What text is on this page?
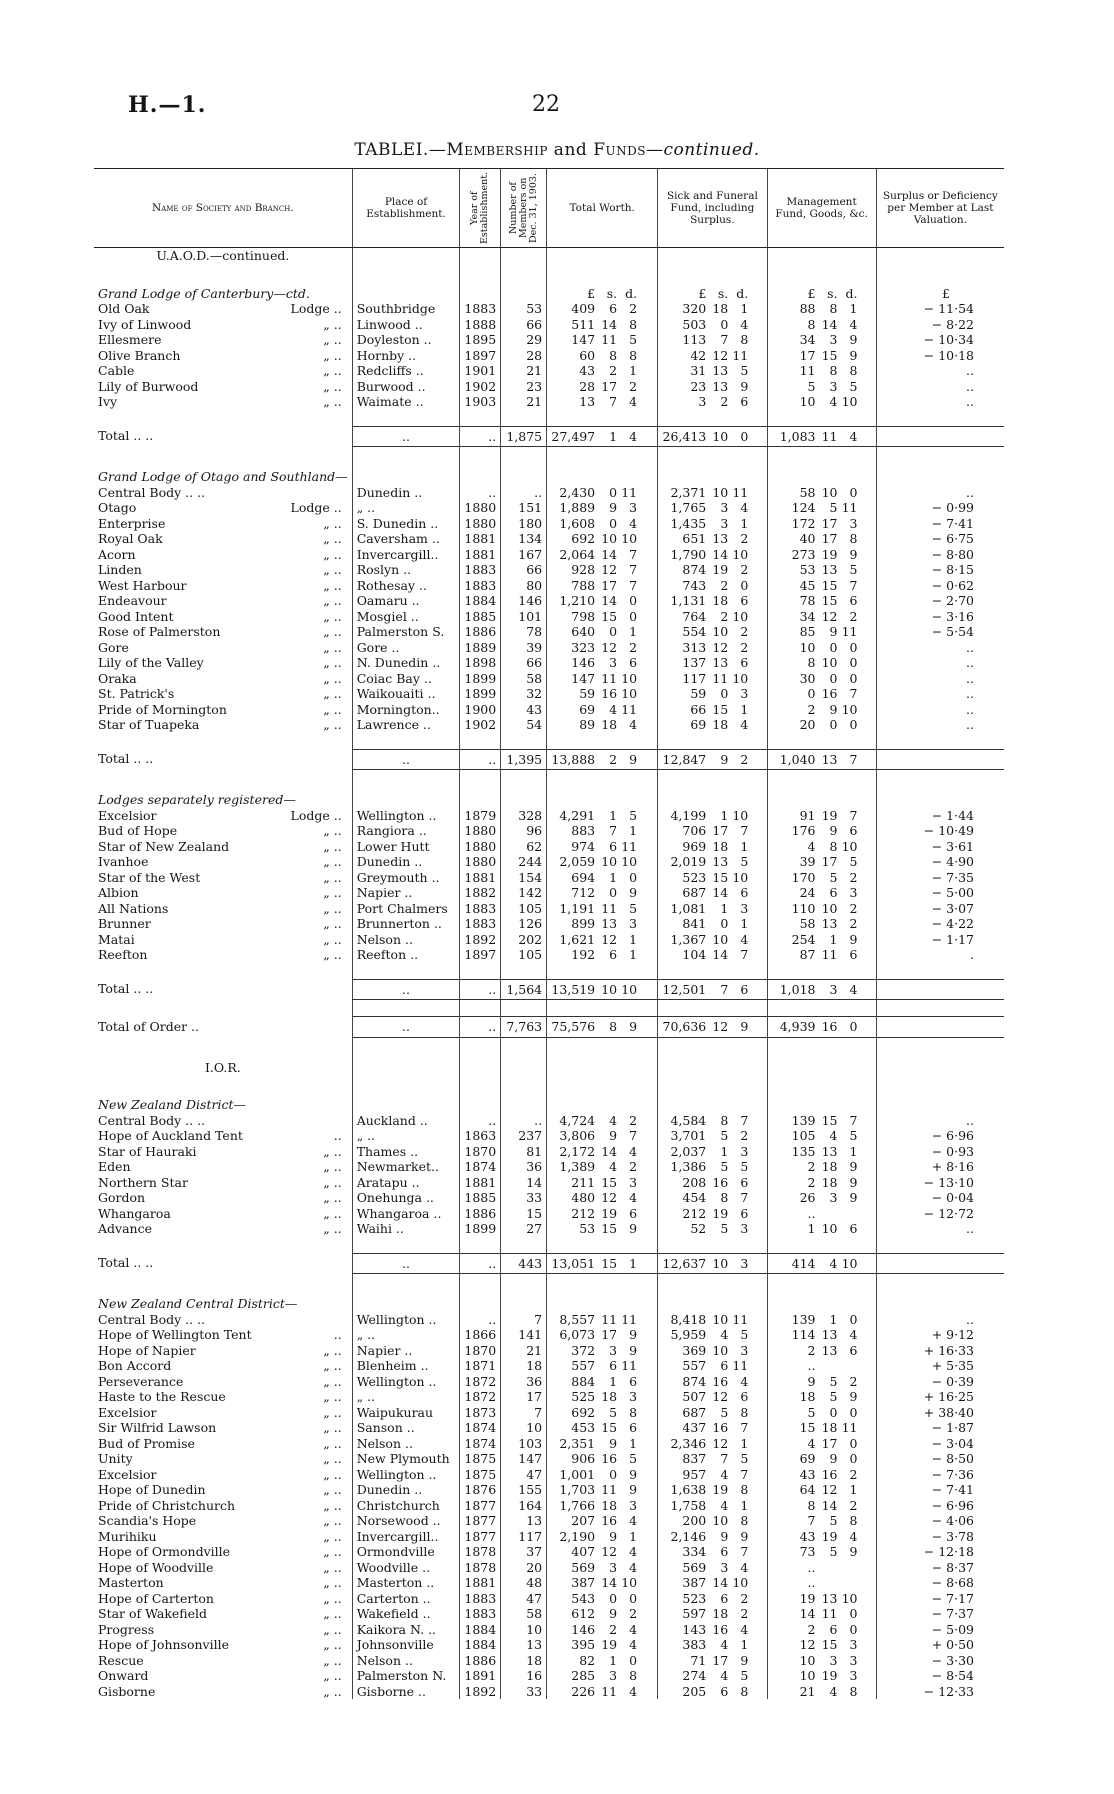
H.—1.	22
TABLEI.—Membership and Funds—continued.
Name of Society and Branch.	Place of Establishment.	Year of Establishment.	Number of Members on Dec. 31, 1903.	Total Worth.	Sick and Funeral Fund, including Surplus.	Management Fund, Goods, &c.	Surplus or Deficiency per Member at Last Valuation.
U.A.O.D.—continued.							

Grand Lodge of Canterbury—ctd.				£ s. d.	£ s. d.	£ s. d.	£
Old Oak Lodge ..	Southbridge	1883	53	409 6 2	320 18 1	88 8 1	− 11·54
Ivy of Linwood „ ..	Linwood ..	1888	66	511 14 8	503 0 4	8 14 4	− 8·22
Ellesmere „ ..	Doyleston ..	1895	29	147 11 5	113 7 8	34 3 9	− 10·34
Olive Branch „ ..	Hornby ..	1897	28	60 8 8	42 12 11	17 15 9	− 10·18
Cable „ ..	Redcliffs ..	1901	21	43 2 1	31 13 5	11 8 8	..
Lily of Burwood „ ..	Burwood ..	1902	23	28 17 2	23 13 9	5 3 5	..
Ivy „ ..	Waimate ..	1903	21	13 7 4	3 2 6	10 4 10	..

Total .. ..	..	..	1,875	27,497 1 4	26,413 10 0	1,083 11 4	

Grand Lodge of Otago and Southland—							
Central Body .. ..	Dunedin ..	..	..	2,430 0 11	2,371 10 11	58 10 0	..
Otago Lodge ..	„ ..	1880	151	1,889 9 3	1,765 3 4	124 5 11	− 0·99
Enterprise „ ..	S. Dunedin ..	1880	180	1,608 0 4	1,435 3 1	172 17 3	− 7·41
Royal Oak „ ..	Caversham ..	1881	134	692 10 10	651 13 2	40 17 8	− 6·75
Acorn „ ..	Invercargill..	1881	167	2,064 14 7	1,790 14 10	273 19 9	− 8·80
Linden „ ..	Roslyn ..	1883	66	928 12 7	874 19 2	53 13 5	− 8·15
West Harbour „ ..	Rothesay ..	1883	80	788 17 7	743 2 0	45 15 7	− 0·62
Endeavour „ ..	Oamaru ..	1884	146	1,210 14 0	1,131 18 6	78 15 6	− 2·70
Good Intent „ ..	Mosgiel ..	1885	101	798 15 0	764 2 10	34 12 2	− 3·16
Rose of Palmerston „ ..	Palmerston S.	1886	78	640 0 1	554 10 2	85 9 11	− 5·54
Gore „ ..	Gore ..	1889	39	323 12 2	313 12 2	10 0 0	..
Lily of the Valley „ ..	N. Dunedin ..	1898	66	146 3 6	137 13 6	8 10 0	..
Oraka „ ..	Coiac Bay ..	1899	58	147 11 10	117 11 10	30 0 0	..
St. Patrick's „ ..	Waikouaiti ..	1899	32	59 16 10	59 0 3	0 16 7	..
Pride of Mornington „ ..	Mornington..	1900	43	69 4 11	66 15 1	2 9 10	..
Star of Tuapeka „ ..	Lawrence ..	1902	54	89 18 4	69 18 4	20 0 0	..

Total .. ..	..	..	1,395	13,888 2 9	12,847 9 2	1,040 13 7	

Lodges separately registered—							
Excelsior Lodge ..	Wellington ..	1879	328	4,291 1 5	4,199 1 10	91 19 7	− 1·44
Bud of Hope „ ..	Rangiora ..	1880	96	883 7 1	706 17 7	176 9 6	− 10·49
Star of New Zealand „ ..	Lower Hutt	1880	62	974 6 11	969 18 1	4 8 10	− 3·61
Ivanhoe „ ..	Dunedin ..	1880	244	2,059 10 10	2,019 13 5	39 17 5	− 4·90
Star of the West „ ..	Greymouth ..	1881	154	694 1 0	523 15 10	170 5 2	− 7·35
Albion „ ..	Napier ..	1882	142	712 0 9	687 14 6	24 6 3	− 5·00
All Nations „ ..	Port Chalmers	1883	105	1,191 11 5	1,081 1 3	110 10 2	− 3·07
Brunner „ ..	Brunnerton ..	1883	126	899 13 3	841 0 1	58 13 2	− 4·22
Matai „ ..	Nelson ..	1892	202	1,621 12 1	1,367 10 4	254 1 9	− 1·17
Reefton „ ..	Reefton ..	1897	105	192 6 1	104 14 7	87 11 6	.

Total .. ..	..	..	1,564	13,519 10 10	12,501 7 6	1,018 3 4	

Total of Order ..	..	..	7,763	75,576 8 9	70,636 12 9	4,939 16 0	

I.O.R.							

New Zealand District—							
Central Body .. ..	Auckland ..	..	..	4,724 4 2	4,584 8 7	139 15 7	..
Hope of Auckland Tent ..	„ ..	1863	237	3,806 9 7	3,701 5 2	105 4 5	− 6·96
Star of Hauraki „ ..	Thames ..	1870	81	2,172 14 4	2,037 1 3	135 13 1	− 0·93
Eden „ ..	Newmarket..	1874	36	1,389 4 2	1,386 5 5	2 18 9	+ 8·16
Northern Star „ ..	Aratapu ..	1881	14	211 15 3	208 16 6	2 18 9	− 13·10
Gordon „ ..	Onehunga ..	1885	33	480 12 4	454 8 7	26 3 9	− 0·04
Whangaroa „ ..	Whangaroa ..	1886	15	212 19 6	212 19 6	..	− 12·72
Advance „ ..	Waihi ..	1899	27	53 15 9	52 5 3	1 10 6	..

Total .. ..	..	..	443	13,051 15 1	12,637 10 3	414 4 10	

New Zealand Central District—							
Central Body .. ..	Wellington ..	..	7	8,557 11 11	8,418 10 11	139 1 0	..
Hope of Wellington Tent ..	„ ..	1866	141	6,073 17 9	5,959 4 5	114 13 4	+ 9·12
Hope of Napier „ ..	Napier ..	1870	21	372 3 9	369 10 3	2 13 6	+ 16·33
Bon Accord „ ..	Blenheim ..	1871	18	557 6 11	557 6 11	..	+ 5·35
Perseverance „ ..	Wellington ..	1872	36	884 1 6	874 16 4	9 5 2	− 0·39
Haste to the Rescue „ ..	„ ..	1872	17	525 18 3	507 12 6	18 5 9	+ 16·25
Excelsior „ ..	Waipukurau	1873	7	692 5 8	687 5 8	5 0 0	+ 38·40
Sir Wilfrid Lawson „ ..	Sanson ..	1874	10	453 15 6	437 16 7	15 18 11	− 1·87
Bud of Promise „ ..	Nelson ..	1874	103	2,351 9 1	2,346 12 1	4 17 0	− 3·04
Unity „ ..	New Plymouth	1875	147	906 16 5	837 7 5	69 9 0	− 8·50
Excelsior „ ..	Wellington ..	1875	47	1,001 0 9	957 4 7	43 16 2	− 7·36
Hope of Dunedin „ ..	Dunedin ..	1876	155	1,703 11 9	1,638 19 8	64 12 1	− 7·41
Pride of Christchurch „ ..	Christchurch	1877	164	1,766 18 3	1,758 4 1	8 14 2	− 6·96
Scandia's Hope „ ..	Norsewood ..	1877	13	207 16 4	200 10 8	7 5 8	− 4·06
Murihiku „ ..	Invercargill..	1877	117	2,190 9 1	2,146 9 9	43 19 4	− 3·78
Hope of Ormondville „ ..	Ormondville	1878	37	407 12 4	334 6 7	73 5 9	− 12·18
Hope of Woodville „ ..	Woodville ..	1878	20	569 3 4	569 3 4	..	− 8·37
Masterton „ ..	Masterton ..	1881	48	387 14 10	387 14 10	..	− 8·68
Hope of Carterton „ ..	Carterton ..	1883	47	543 0 0	523 6 2	19 13 10	− 7·17
Star of Wakefield „ ..	Wakefield ..	1883	58	612 9 2	597 18 2	14 11 0	− 7·37
Progress „ ..	Kaikora N. ..	1884	10	146 2 4	143 16 4	2 6 0	− 5·09
Hope of Johnsonville „ ..	Johnsonville	1884	13	395 19 4	383 4 1	12 15 3	+ 0·50
Rescue „ ..	Nelson ..	1886	18	82 1 0	71 17 9	10 3 3	− 3·30
Onward „ ..	Palmerston N.	1891	16	285 3 8	274 4 5	10 19 3	− 8·54
Gisborne „ ..	Gisborne ..	1892	33	226 11 4	205 6 8	21 4 8	− 12·33
